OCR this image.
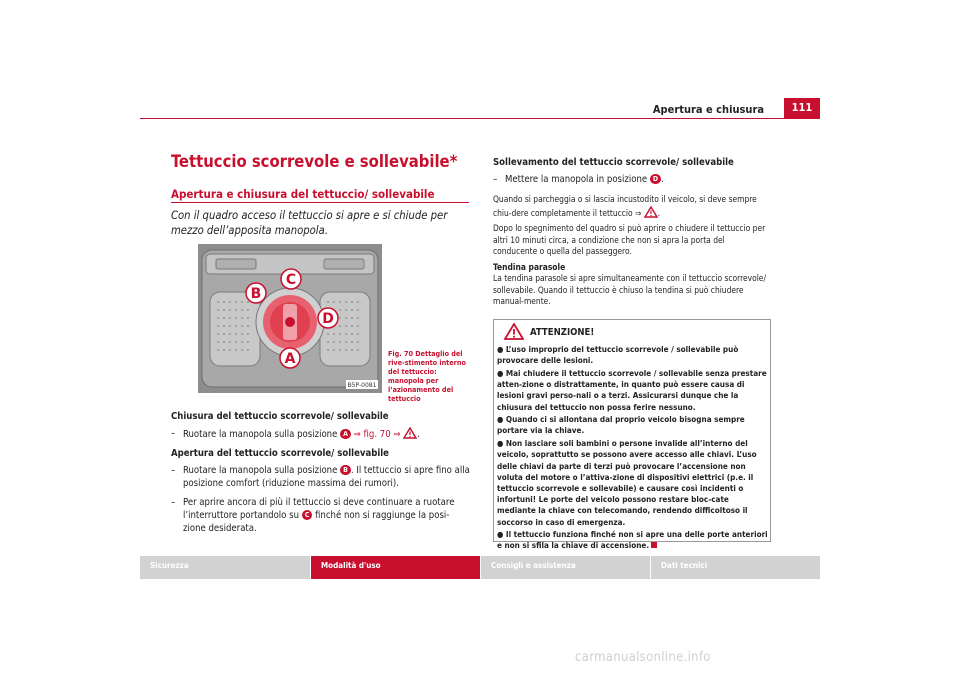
Apertura e chiusura	111
Tettuccio scorrevole e sollevabile*
Apertura e chiusura del tettuccio/ sollevabile
Con il quadro acceso il tettuccio si apre e si chiude per mezzo dell’apposita manopola.
B
C
D
A
B5P-0081
Fig. 70 Dettaglio del rive-stimento interno del tettuccio: manopola per l’azionamento del tettuccio
Chiusura del tettuccio scorrevole/ sollevabile
– Ruotare la manopola sulla posizione A ⇒ fig. 70 ⇒ .
Apertura del tettuccio scorrevole/ sollevabile
– Ruotare la manopola sulla posizione B . Il tettuccio si apre fino alla posizione comfort (riduzione massima dei rumori).
– Per aprire ancora di più il tettuccio si deve continuare a ruotare l’interruttore portandolo su C finché non si raggiunge la posi-zione desiderata.
Sollevamento del tettuccio scorrevole/ sollevabile
– Mettere la manopola in posizione D .
Quando si parcheggia o si lascia incustodito il veicolo, si deve sempre chiu-dere completamente il tettuccio ⇒ .
Dopo lo spegnimento del quadro si può aprire o chiudere il tettuccio per altri 10 minuti circa, a condizione che non si apra la porta del conducente o quella del passeggero.
Tendina parasole
La tendina parasole si apre simultaneamente con il tettuccio scorrevole/ sollevabile. Quando il tettuccio è chiuso la tendina si può chiudere manual-mente.
ATTENZIONE!

● L’uso improprio del tettuccio scorrevole / sollevabile può provocare delle lesioni.

● Mai chiudere il tettuccio scorrevole / sollevabile senza prestare atten-zione o distrattamente, in quanto può essere causa di lesioni gravi perso-nali o a terzi. Assicurarsi dunque che la chiusura del tettuccio non possa ferire nessuno.

● Quando ci si allontana dal proprio veicolo bisogna sempre portare via la chiave.

● Non lasciare soli bambini o persone invalide all’interno del veicolo, soprattutto se possono avere accesso alle chiavi. L’uso delle chiavi da parte di terzi può provocare l’accensione non voluta del motore o l’attiva-zione di dispositivi elettrici (p.e. il tettuccio scorrevole e sollevabile) e causare così incidenti o infortuni! Le porte del veicolo possono restare bloc-cate mediante la chiave con telecomando, rendendo difficoltoso il soccorso in caso di emergenza.

● Il tettuccio funziona finché non si apre una delle porte anteriori e non si sfila la chiave di accensione.

Sicurezza	Modalità d'uso	Consigli e assistenza	Dati tecnici
carmanualsonline.info
